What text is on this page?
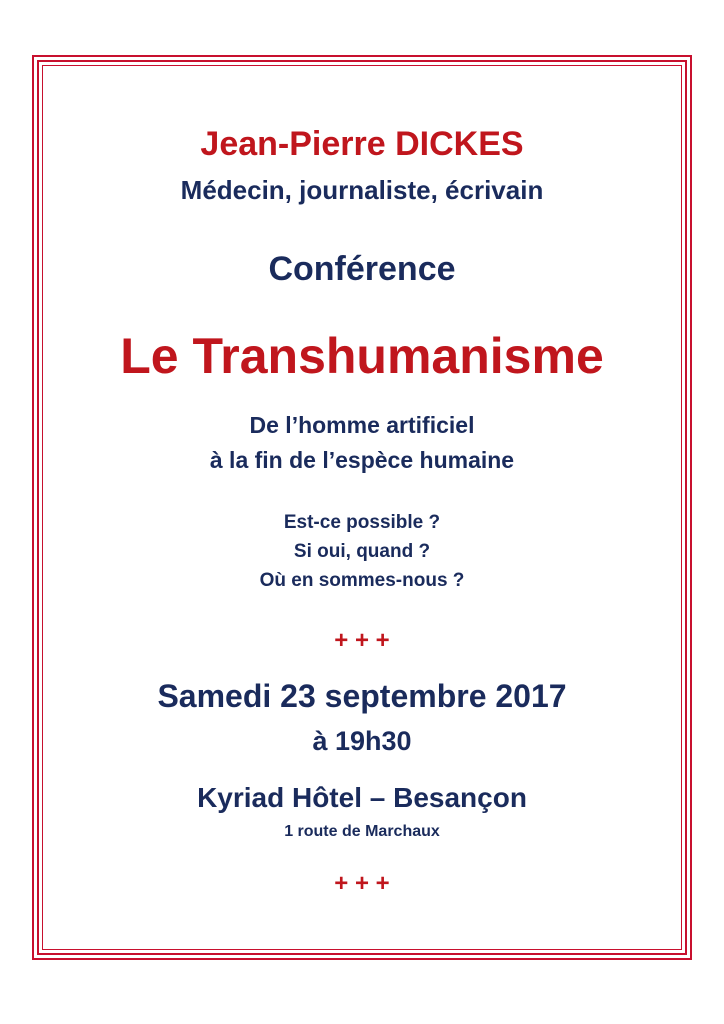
Jean-Pierre DICKES
Médecin, journaliste, écrivain
Conférence
Le Transhumanisme
De l’homme artificiel
à la fin de l’espèce humaine
Est-ce possible ?
Si oui, quand ?
Où en sommes-nous ?
+ + +
Samedi 23 septembre 2017
à 19h30
Kyriad Hôtel – Besançon
1 route de Marchaux
+ + +
